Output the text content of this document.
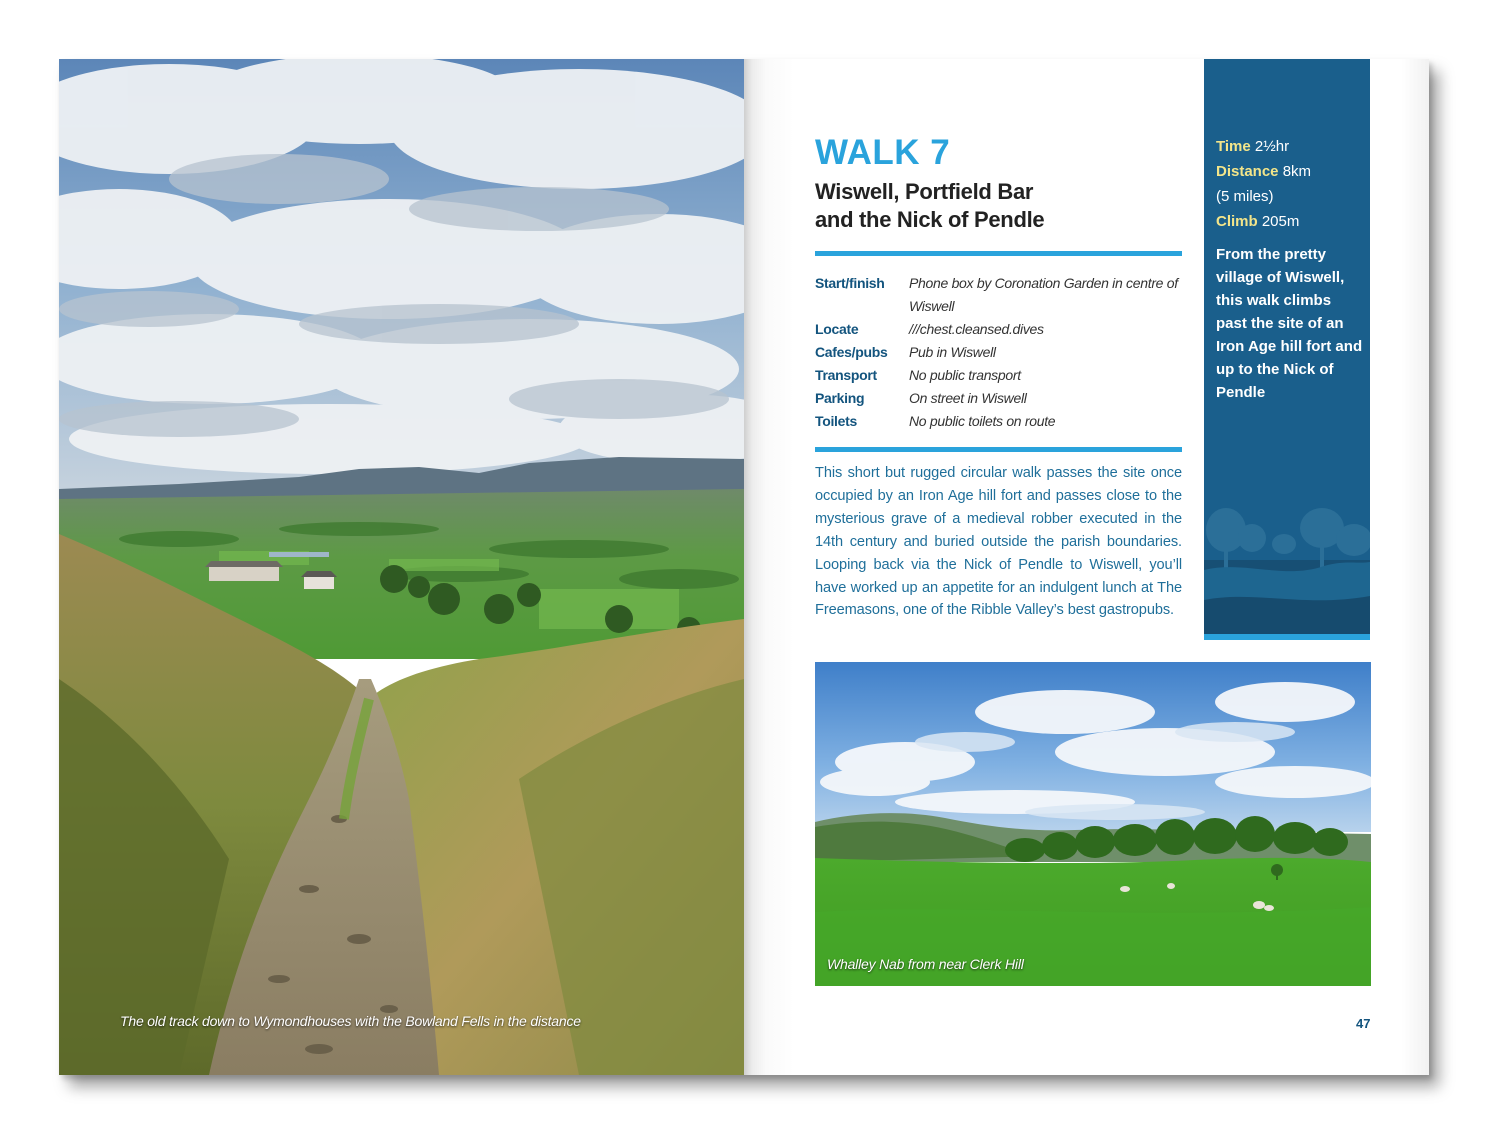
The old track down to Wymondhouses with the Bowland Fells in the distance
WALK 7
Wiswell, Portfield Bar
and the Nick of Pendle
Start/finish	Phone box by Coronation Garden in centre of Wiswell
Locate	///chest.cleansed.dives
Cafes/pubs	Pub in Wiswell
Transport	No public transport
Parking	On street in Wiswell
Toilets	No public toilets on route

This short but rugged circular walk passes the site once occupied by an Iron Age hill fort and passes close to the mysterious grave of a medieval robber executed in the 14th century and buried outside the parish boundaries. Looping back via the Nick of Pendle to Wiswell, you’ll have worked up an appetite for an indulgent lunch at The Freemasons, one of the Ribble Valley’s best gastropubs.

Time 2½hr
Distance 8km
(5 miles)
Climb 205m
From the pretty village of Wiswell, this walk climbs past the site of an Iron Age hill fort and up to the Nick of Pendle
Whalley Nab from near Clerk Hill
47
